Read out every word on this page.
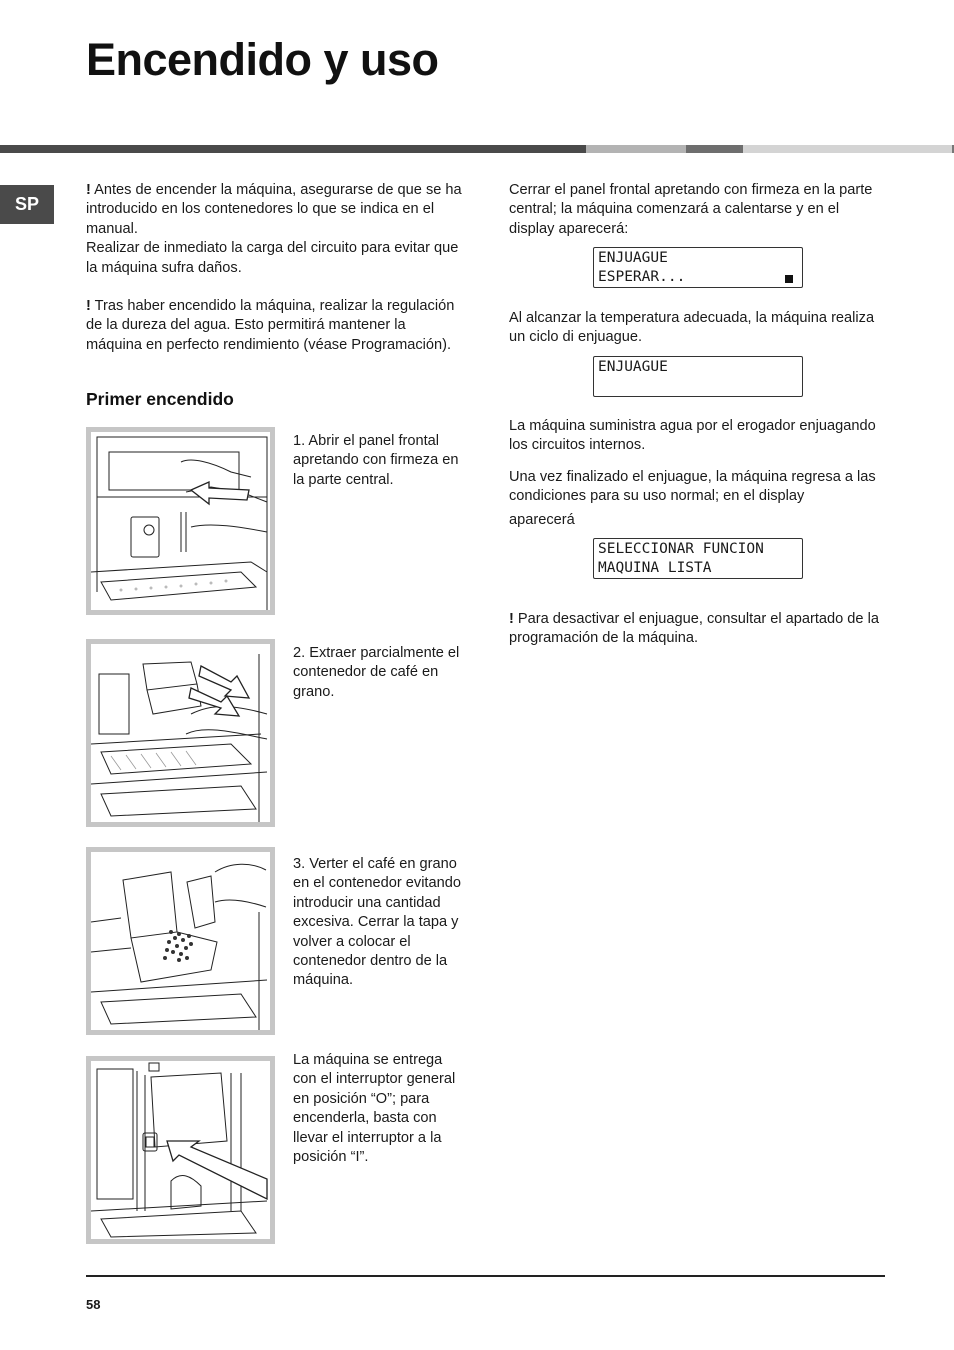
Encendido y uso
SP
! Antes de encender la máquina, asegurarse de que se ha introducido en los contenedores lo que se indica en el manual.
Realizar de inmediato la carga del circuito para evitar que la máquina sufra daños.
! Tras haber encendido la máquina, realizar la regulación de la dureza del agua. Esto permitirá mantener la máquina en perfecto rendimiento (véase Programación).
Primer encendido
1. Abrir el panel frontal apretando con firmeza en la parte central.
2. Extraer parcialmente el contenedor de café en grano.
3. Verter el café en grano en el contenedor evitando introducir una cantidad excesiva. Cerrar la tapa y volver a colocar el contenedor dentro de la máquina.
La máquina se entrega con el interruptor general en posición “O”; para encenderla, basta con llevar el interruptor a la posición “I”.
Cerrar el panel frontal apretando con firmeza en la parte central; la máquina comenzará a calentarse y en el display aparecerá:
ENJUAGUE
ESPERAR...
Al alcanzar la temperatura adecuada, la máquina realiza un ciclo di enjuague.
ENJUAGUE
La máquina suministra agua por el erogador enjuagando los circuitos internos.
Una vez finalizado el enjuague, la máquina regresa a las condiciones para su uso normal; en el display
aparecerá
SELECCIONAR FUNCION
MAQUINA LISTA
! Para desactivar el enjuague, consultar el apartado de la programación de la máquina.
58
